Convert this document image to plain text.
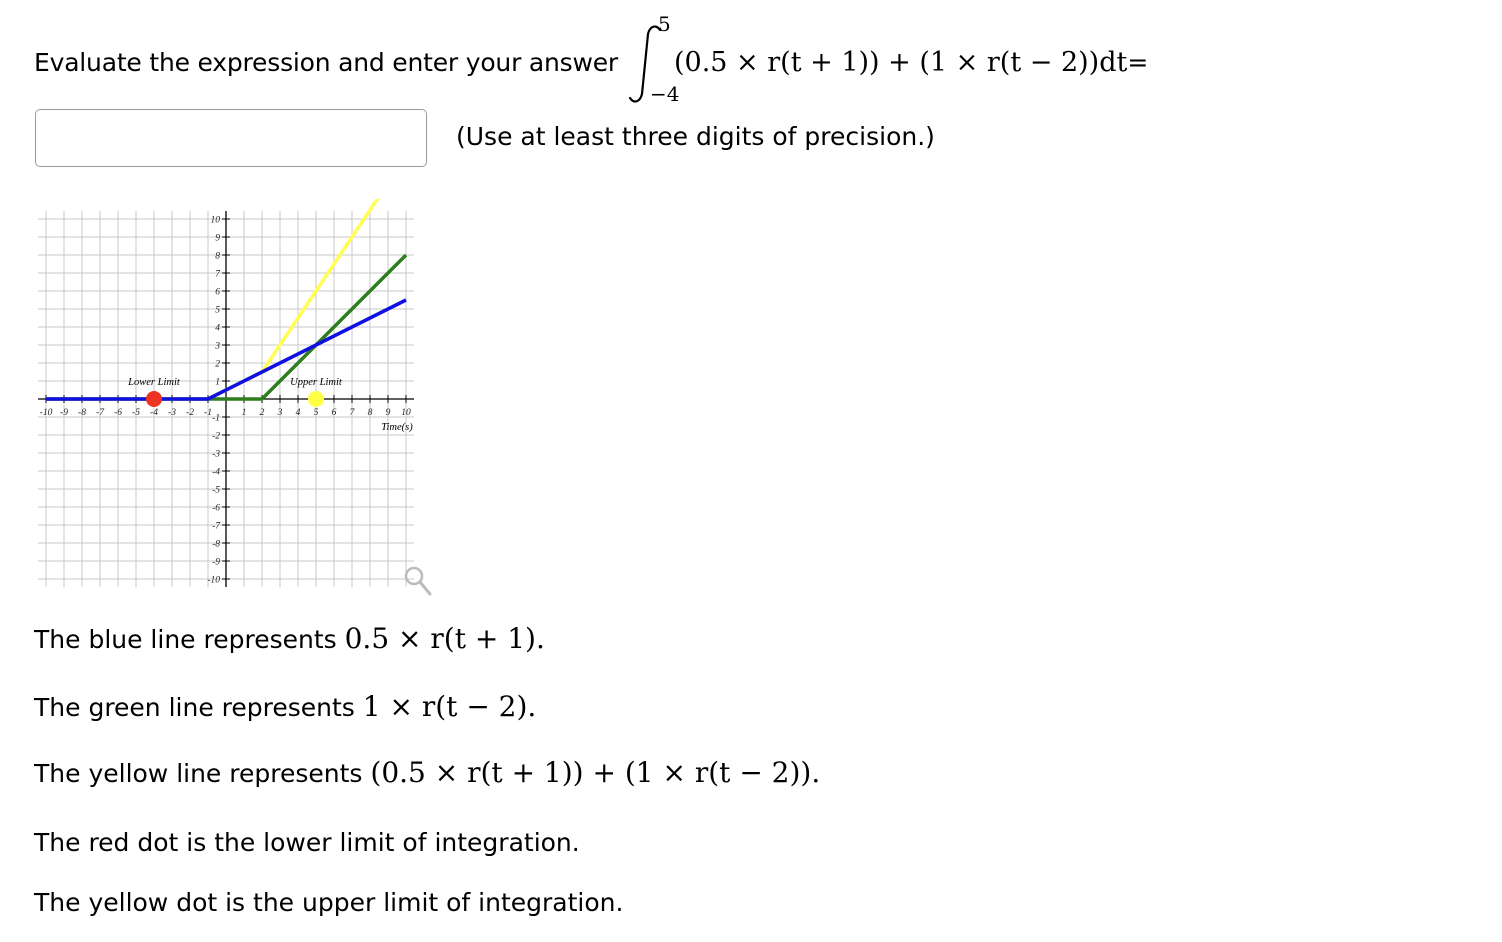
Evaluate the expression and enter your answer
5
−4
(0.5 × r(t + 1)) + (1 × r(t − 2))dt =
(Use at least three digits of precision.)
-10 -9 -8 -7 -6 -5 -4 -3 -2 -1	1 2 3 4 5 6 7 8 9 10
10
9
8
7
6
5
4
3
2
1
-1
-2
-3
-4
-5
-6
-7
-8
-9
-10
Lower Limit	Upper Limit
Time(s)
The blue line represents 0.5 × r(t + 1).
The green line represents 1 × r(t − 2).
The yellow line represents (0.5 × r(t + 1)) + (1 × r(t − 2)).
The red dot is the lower limit of integration.
The yellow dot is the upper limit of integration.
